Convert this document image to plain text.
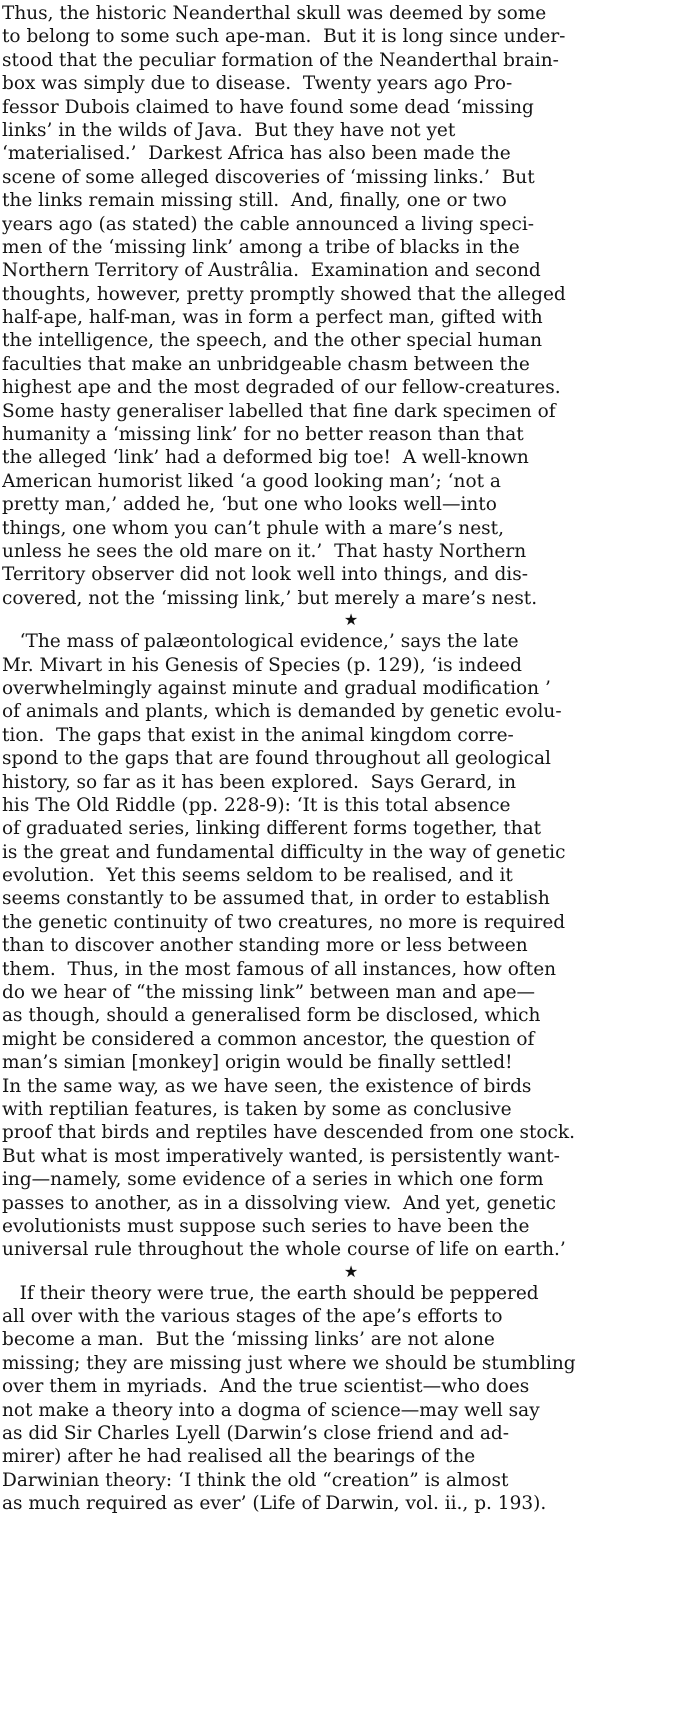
Thus, the historic Neanderthal skull was deemed by some
to belong to some such ape-man.  But it is long since under-
stood that the peculiar formation of the Neanderthal brain-
box was simply due to disease.  Twenty years ago Pro-
fessor Dubois claimed to have found some dead ‘missing
links’ in the wilds of Java.  But they have not yet
‘materialised.’  Darkest Africa has also been made the
scene of some alleged discoveries of ‘missing links.’  But
the links remain missing still.  And, finally, one or two
years ago (as stated) the cable announced a living speci-
men of the ‘missing link’ among a tribe of blacks in the
Northern Territory of Austrâlia.  Examination and second
thoughts, however, pretty promptly showed that the alleged
half-ape, half-man, was in form a perfect man, gifted with
the intelligence, the speech, and the other special human
faculties that make an unbridgeable chasm between the
highest ape and the most degraded of our fellow-creatures.
Some hasty generaliser labelled that fine dark specimen of
humanity a ‘missing link’ for no better reason than that
the alleged ‘link’ had a deformed big toe!  A well-known
American humorist liked ‘a good looking man’; ‘not a
pretty man,’ added he, ‘but one who looks well—into
things, one whom you can’t phule with a mare’s nest,
unless he sees the old mare on it.’  That hasty Northern
Territory observer did not look well into things, and dis-
covered, not the ‘missing link,’ but merely a mare’s nest.
★
‘The mass of palæontological evidence,’ says the late
Mr. Mivart in his Genesis of Species (p. 129), ‘is indeed
overwhelmingly against minute and gradual modification ’
of animals and plants, which is demanded by genetic evolu-
tion.  The gaps that exist in the animal kingdom corre-
spond to the gaps that are found throughout all geological
history, so far as it has been explored.  Says Gerard, in
his The Old Riddle (pp. 228-9): ‘It is this total absence
of graduated series, linking different forms together, that
is the great and fundamental difficulty in the way of genetic
evolution.  Yet this seems seldom to be realised, and it
seems constantly to be assumed that, in order to establish
the genetic continuity of two creatures, no more is required
than to discover another standing more or less between
them.  Thus, in the most famous of all instances, how often
do we hear of “the missing link” between man and ape—
as though, should a generalised form be disclosed, which
might be considered a common ancestor, the question of
man’s simian [monkey] origin would be finally settled!
In the same way, as we have seen, the existence of birds
with reptilian features, is taken by some as conclusive
proof that birds and reptiles have descended from one stock.
But what is most imperatively wanted, is persistently want-
ing—namely, some evidence of a series in which one form
passes to another, as in a dissolving view.  And yet, genetic
evolutionists must suppose such series to have been the
universal rule throughout the whole course of life on earth.’
★
If their theory were true, the earth should be peppered
all over with the various stages of the ape’s efforts to
become a man.  But the ‘missing links’ are not alone
missing; they are missing just where we should be stumbling
over them in myriads.  And the true scientist—who does
not make a theory into a dogma of science—may well say
as did Sir Charles Lyell (Darwin’s close friend and ad-
mirer) after he had realised all the bearings of the
Darwinian theory: ‘I think the old “creation” is almost
as much required as ever’ (Life of Darwin, vol. ii., p. 193).
